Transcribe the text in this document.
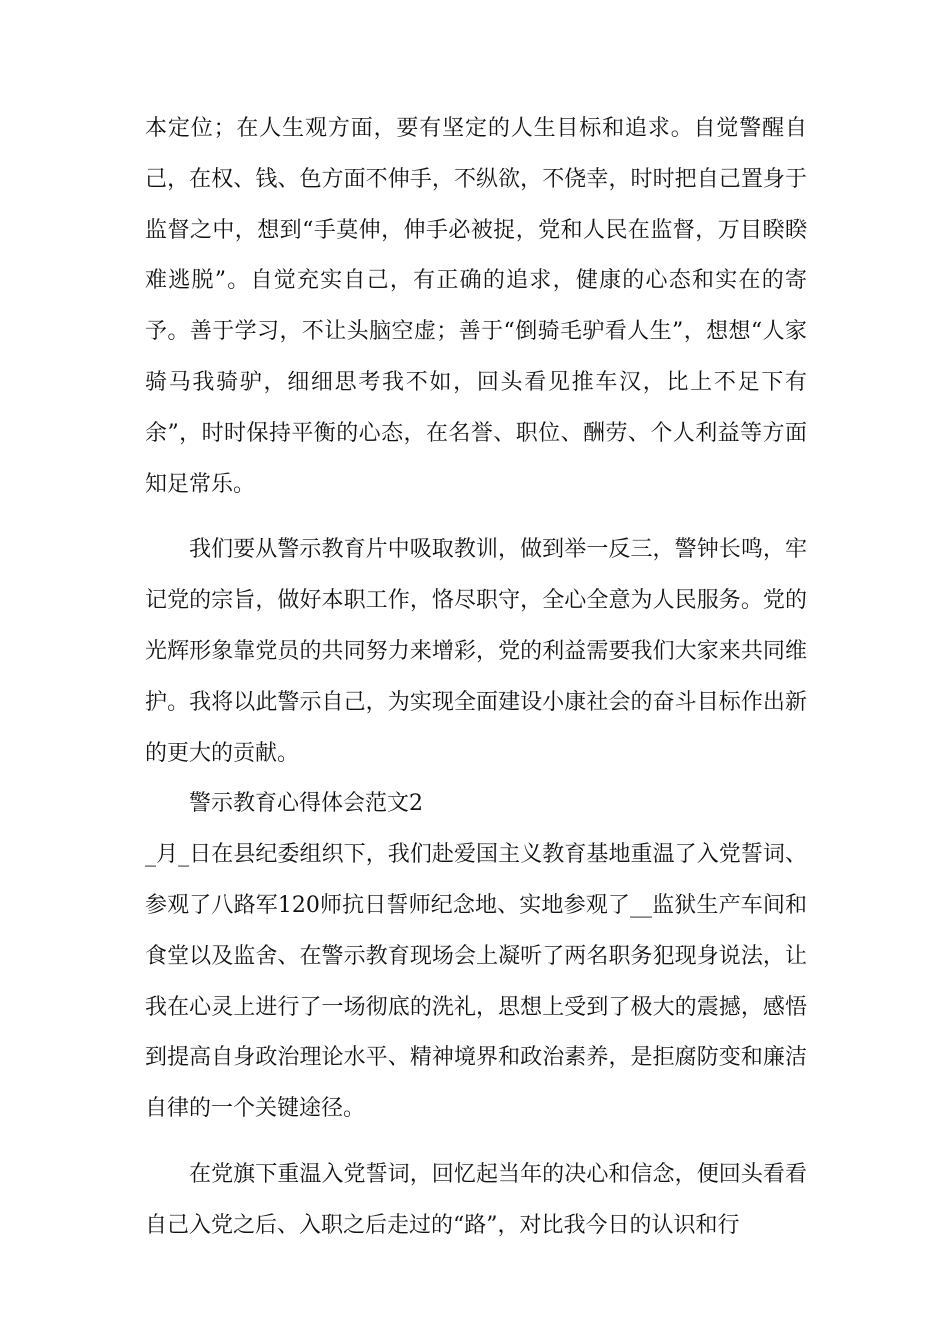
本定位；在人生观方面，要有坚定的人生目标和追求。自觉警醒自己，在权、钱、色方面不伸手，不纵欲，不侥幸，时时把自己置身于监督之中，想到“手莫伸，伸手必被捉，党和人民在监督，万目睽睽难逃脱”。自觉充实自己，有正确的追求，健康的心态和实在的寄予。善于学习，不让头脑空虚；善于“倒骑毛驴看人生”，想想“人家骑马我骑驴，细细思考我不如，回头看见推车汉，比上不足下有余”，时时保持平衡的心态，在名誉、职位、酬劳、个人利益等方面知足常乐。

我们要从警示教育片中吸取教训，做到举一反三，警钟长鸣，牢记党的宗旨，做好本职工作，恪尽职守，全心全意为人民服务。党的光辉形象靠党员的共同努力来增彩，党的利益需要我们大家来共同维护。我将以此警示自己，为实现全面建设小康社会的奋斗目标作出新的更大的贡献。

警示教育心得体会范文2

_月_日在县纪委组织下，我们赴爱国主义教育基地重温了入党誓词、参观了八路军120师抗日誓师纪念地、实地参观了__监狱生产车间和食堂以及监舍、在警示教育现场会上凝听了两名职务犯现身说法，让我在心灵上进行了一场彻底的洗礼，思想上受到了极大的震撼，感悟到提高自身政治理论水平、精神境界和政治素养，是拒腐防变和廉洁自律的一个关键途径。

在党旗下重温入党誓词，回忆起当年的决心和信念，便回头看看自己入党之后、入职之后走过的“路”，对比我今日的认识和行
